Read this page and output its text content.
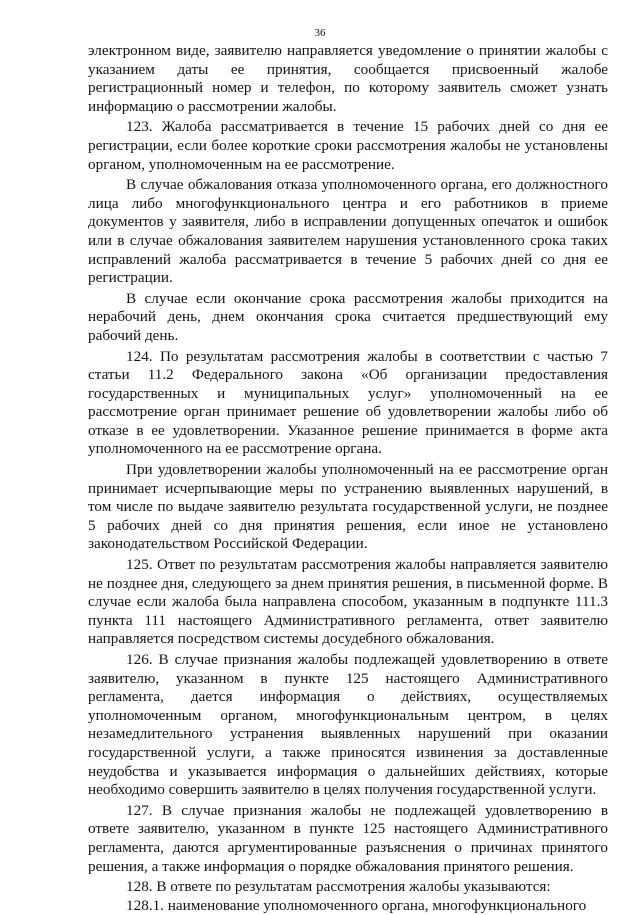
36

электронном виде, заявителю направляется уведомление о принятии жалобы с указанием даты ее принятия, сообщается присвоенный жалобе регистрационный номер и телефон, по которому заявитель сможет узнать информацию о рассмотрении жалобы.

123. Жалоба рассматривается в течение 15 рабочих дней со дня ее регистрации, если более короткие сроки рассмотрения жалобы не установлены органом, уполномоченным на ее рассмотрение.

В случае обжалования отказа уполномоченного органа, его должностного лица либо многофункционального центра и его работников в приеме документов у заявителя, либо в исправлении допущенных опечаток и ошибок или в случае обжалования заявителем нарушения установленного срока таких исправлений жалоба рассматривается в течение 5 рабочих дней со дня ее регистрации.

В случае если окончание срока рассмотрения жалобы приходится на нерабочий день, днем окончания срока считается предшествующий ему рабочий день.

124. По результатам рассмотрения жалобы в соответствии с частью 7 статьи 11.2 Федерального закона «Об организации предоставления государственных и муниципальных услуг» уполномоченный на ее рассмотрение орган принимает решение об удовлетворении жалобы либо об отказе в ее удовлетворении. Указанное решение принимается в форме акта уполномоченного на ее рассмотрение органа.

При удовлетворении жалобы уполномоченный на ее рассмотрение орган принимает исчерпывающие меры по устранению выявленных нарушений, в том числе по выдаче заявителю результата государственной услуги, не позднее 5 рабочих дней со дня принятия решения, если иное не установлено законодательством Российской Федерации.

125. Ответ по результатам рассмотрения жалобы направляется заявителю не позднее дня, следующего за днем принятия решения, в письменной форме. В случае если жалоба была направлена способом, указанным в подпункте 111.3 пункта 111 настоящего Административного регламента, ответ заявителю направляется посредством системы досудебного обжалования.

126. В случае признания жалобы подлежащей удовлетворению в ответе заявителю, указанном в пункте 125 настоящего Административного регламента, дается информация о действиях, осуществляемых уполномоченным органом, многофункциональным центром, в целях незамедлительного устранения выявленных нарушений при оказании государственной услуги, а также приносятся извинения за доставленные неудобства и указывается информация о дальнейших действиях, которые необходимо совершить заявителю в целях получения государственной услуги.

127. В случае признания жалобы не подлежащей удовлетворению в ответе заявителю, указанном в пункте 125 настоящего Административного регламента, даются аргументированные разъяснения о причинах принятого решения, а также информация о порядке обжалования принятого решения.

128. В ответе по результатам рассмотрения жалобы указываются:

128.1. наименование уполномоченного органа, многофункционального
